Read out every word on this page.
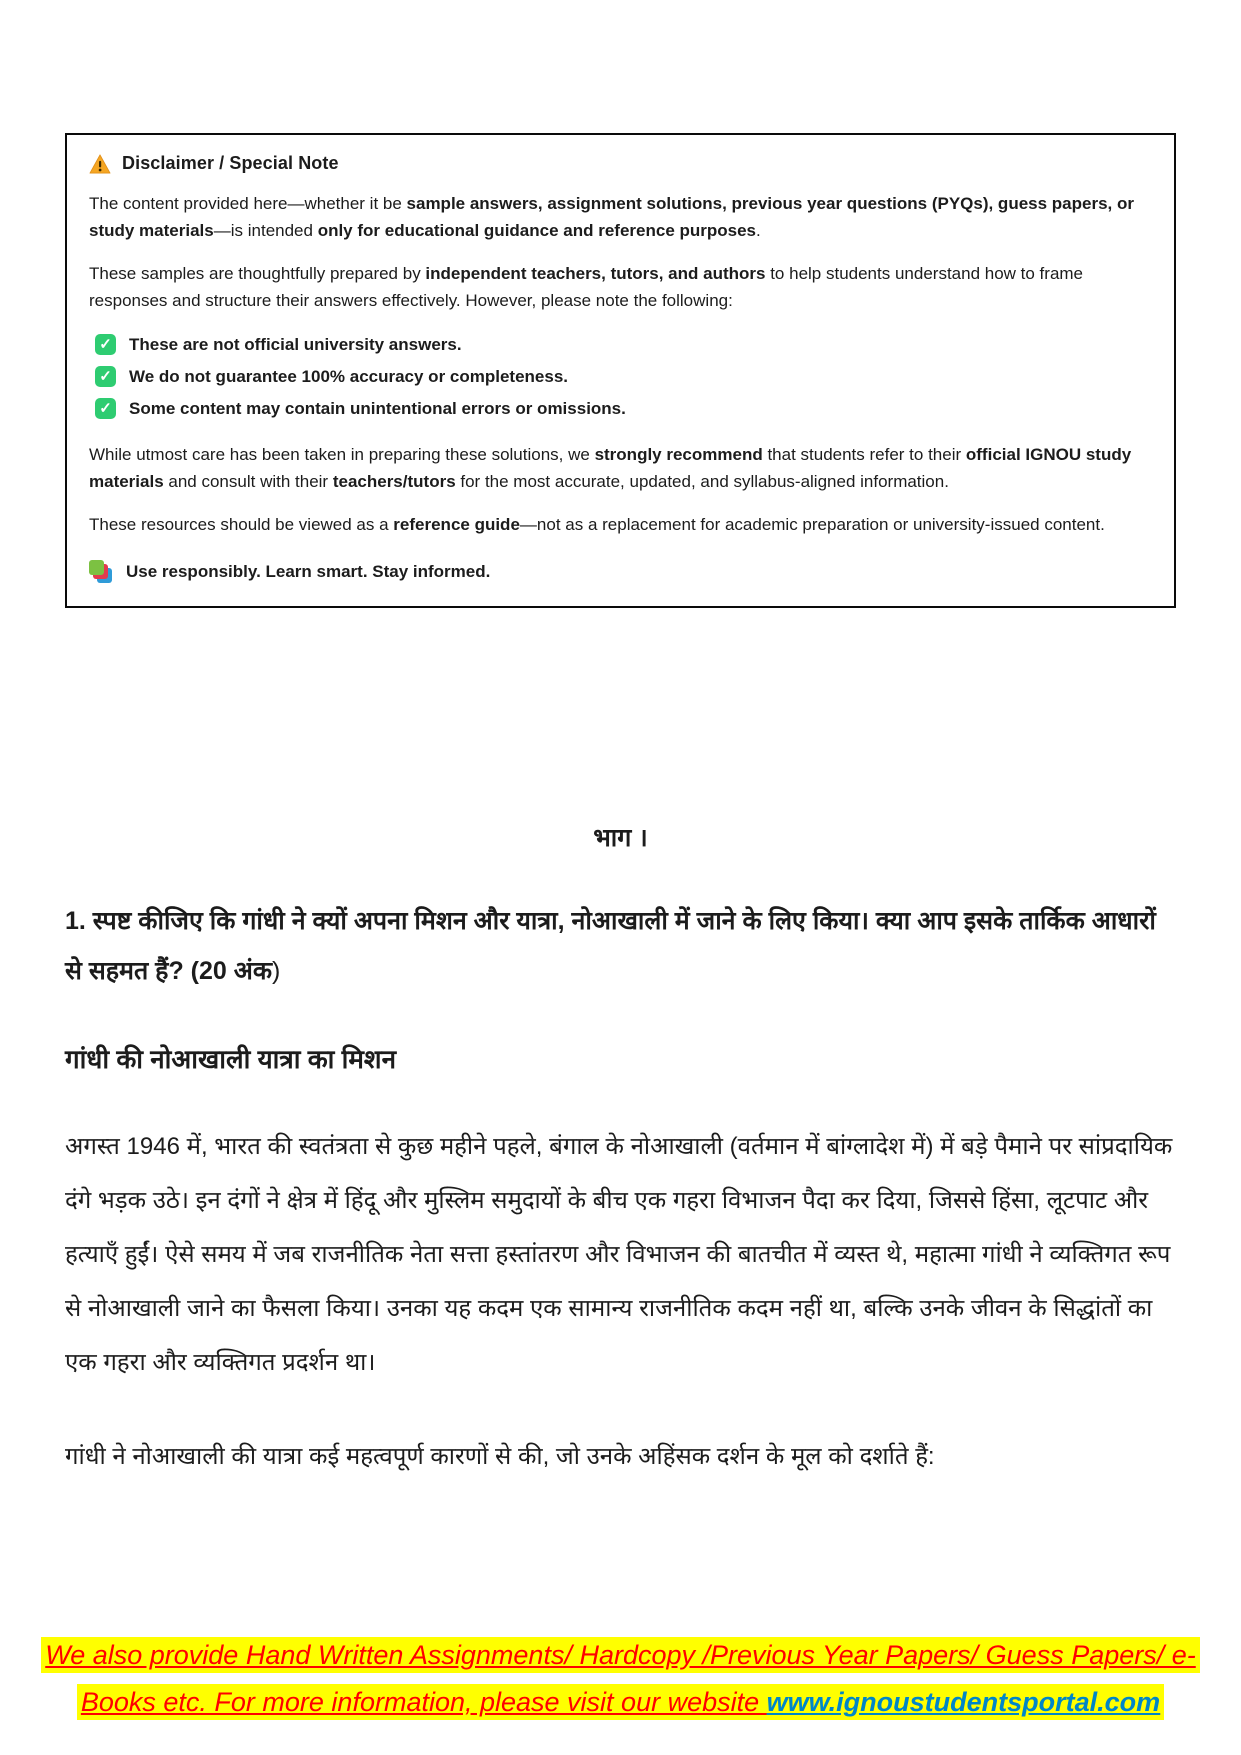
Disclaimer / Special Note

The content provided here—whether it be sample answers, assignment solutions, previous year questions (PYQs), guess papers, or study materials—is intended only for educational guidance and reference purposes.

These samples are thoughtfully prepared by independent teachers, tutors, and authors to help students understand how to frame responses and structure their answers effectively. However, please note the following:

✓ These are not official university answers.
✓ We do not guarantee 100% accuracy or completeness.
✓ Some content may contain unintentional errors or omissions.

While utmost care has been taken in preparing these solutions, we strongly recommend that students refer to their official IGNOU study materials and consult with their teachers/tutors for the most accurate, updated, and syllabus-aligned information.

These resources should be viewed as a reference guide—not as a replacement for academic preparation or university-issued content.

Use responsibly. Learn smart. Stay informed.
भाग ।
1. स्पष्ट कीजिए कि गांधी ने क्यों अपना मिशन और यात्रा, नोआखाली में जाने के लिए किया। क्या आप इसके तार्किक आधारों से सहमत हैं? (20 अंक)
गांधी की नोआखाली यात्रा का मिशन

अगस्त 1946 में, भारत की स्वतंत्रता से कुछ महीने पहले, बंगाल के नोआखाली (वर्तमान में बांग्लादेश में) में बड़े पैमाने पर सांप्रदायिक दंगे भड़क उठे। इन दंगों ने क्षेत्र में हिंदू और मुस्लिम समुदायों के बीच एक गहरा विभाजन पैदा कर दिया, जिससे हिंसा, लूटपाट और हत्याएँ हुईं। ऐसे समय में जब राजनीतिक नेता सत्ता हस्तांतरण और विभाजन की बातचीत में व्यस्त थे, महात्मा गांधी ने व्यक्तिगत रूप से नोआखाली जाने का फैसला किया। उनका यह कदम एक सामान्य राजनीतिक कदम नहीं था, बल्कि उनके जीवन के सिद्धांतों का एक गहरा और व्यक्तिगत प्रदर्शन था।

गांधी ने नोआखाली की यात्रा कई महत्वपूर्ण कारणों से की, जो उनके अहिंसक दर्शन के मूल को दर्शाते हैं:

We also provide Hand Written Assignments/ Hardcopy /Previous Year Papers/ Guess Papers/ e-
Books etc. For more information, please visit our website www.ignoustudentsportal.com
